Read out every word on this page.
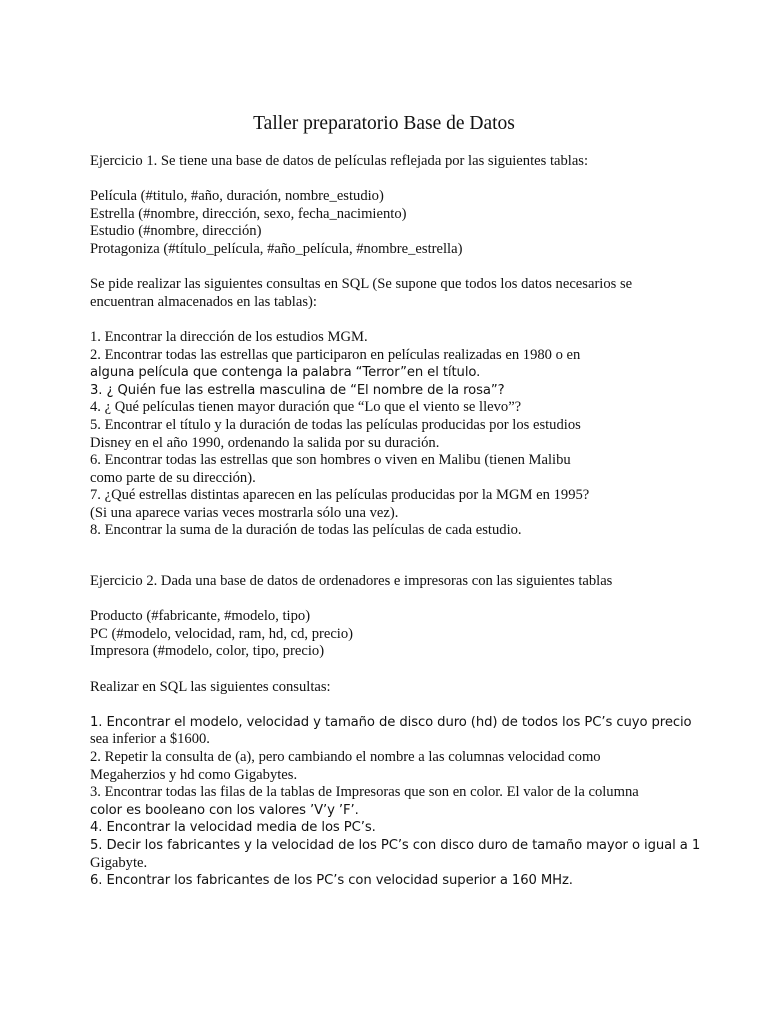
Taller preparatorio Base de Datos

Ejercicio 1. Se tiene una base de datos de películas reflejada por las siguientes tablas:

Película (#titulo, #año, duración, nombre_estudio)
Estrella (#nombre, dirección, sexo, fecha_nacimiento)
Estudio (#nombre, dirección)
Protagoniza (#título_película, #año_película, #nombre_estrella)
Se pide realizar las siguientes consultas en SQL (Se supone que todos los datos necesarios se
encuentran almacenados en las tablas):
1. Encontrar la dirección de los estudios MGM.
2. Encontrar todas las estrellas que participaron en películas realizadas en 1980 o en
alguna película que contenga la palabra “Terror”en el título.
3. ¿ Quién fue las estrella masculina de “El nombre de la rosa”?
4. ¿ Qué películas tienen mayor duración que “Lo que el viento se llevo”?
5. Encontrar el título y la duración de todas las películas producidas por los estudios
Disney en el año 1990, ordenando la salida por su duración.
6. Encontrar todas las estrellas que son hombres o viven en Malibu (tienen Malibu
como parte de su dirección).
7. ¿Qué estrellas distintas aparecen en las películas producidas por la MGM en 1995?
(Si una aparece varias veces mostrarla sólo una vez).
8. Encontrar la suma de la duración de todas las películas de cada estudio.

Ejercicio 2. Dada una base de datos de ordenadores e impresoras con las siguientes tablas

Producto (#fabricante, #modelo, tipo)
PC (#modelo, velocidad, ram, hd, cd, precio)
Impresora (#modelo, color, tipo, precio)

Realizar en SQL las siguientes consultas:

1. Encontrar el modelo, velocidad y tamaño de disco duro (hd) de todos los PC’s cuyo precio
sea inferior a $1600.
2. Repetir la consulta de (a), pero cambiando el nombre a las columnas velocidad como
Megaherzios y hd como Gigabytes.
3. Encontrar todas las filas de la tablas de Impresoras que son en color. El valor de la columna
color es booleano con los valores ’V’y ’F’.
4. Encontrar la velocidad media de los PC’s.
5. Decir los fabricantes y la velocidad de los PC’s con disco duro de tamaño mayor o igual a 1
Gigabyte.
6. Encontrar los fabricantes de los PC’s con velocidad superior a 160 MHz.
